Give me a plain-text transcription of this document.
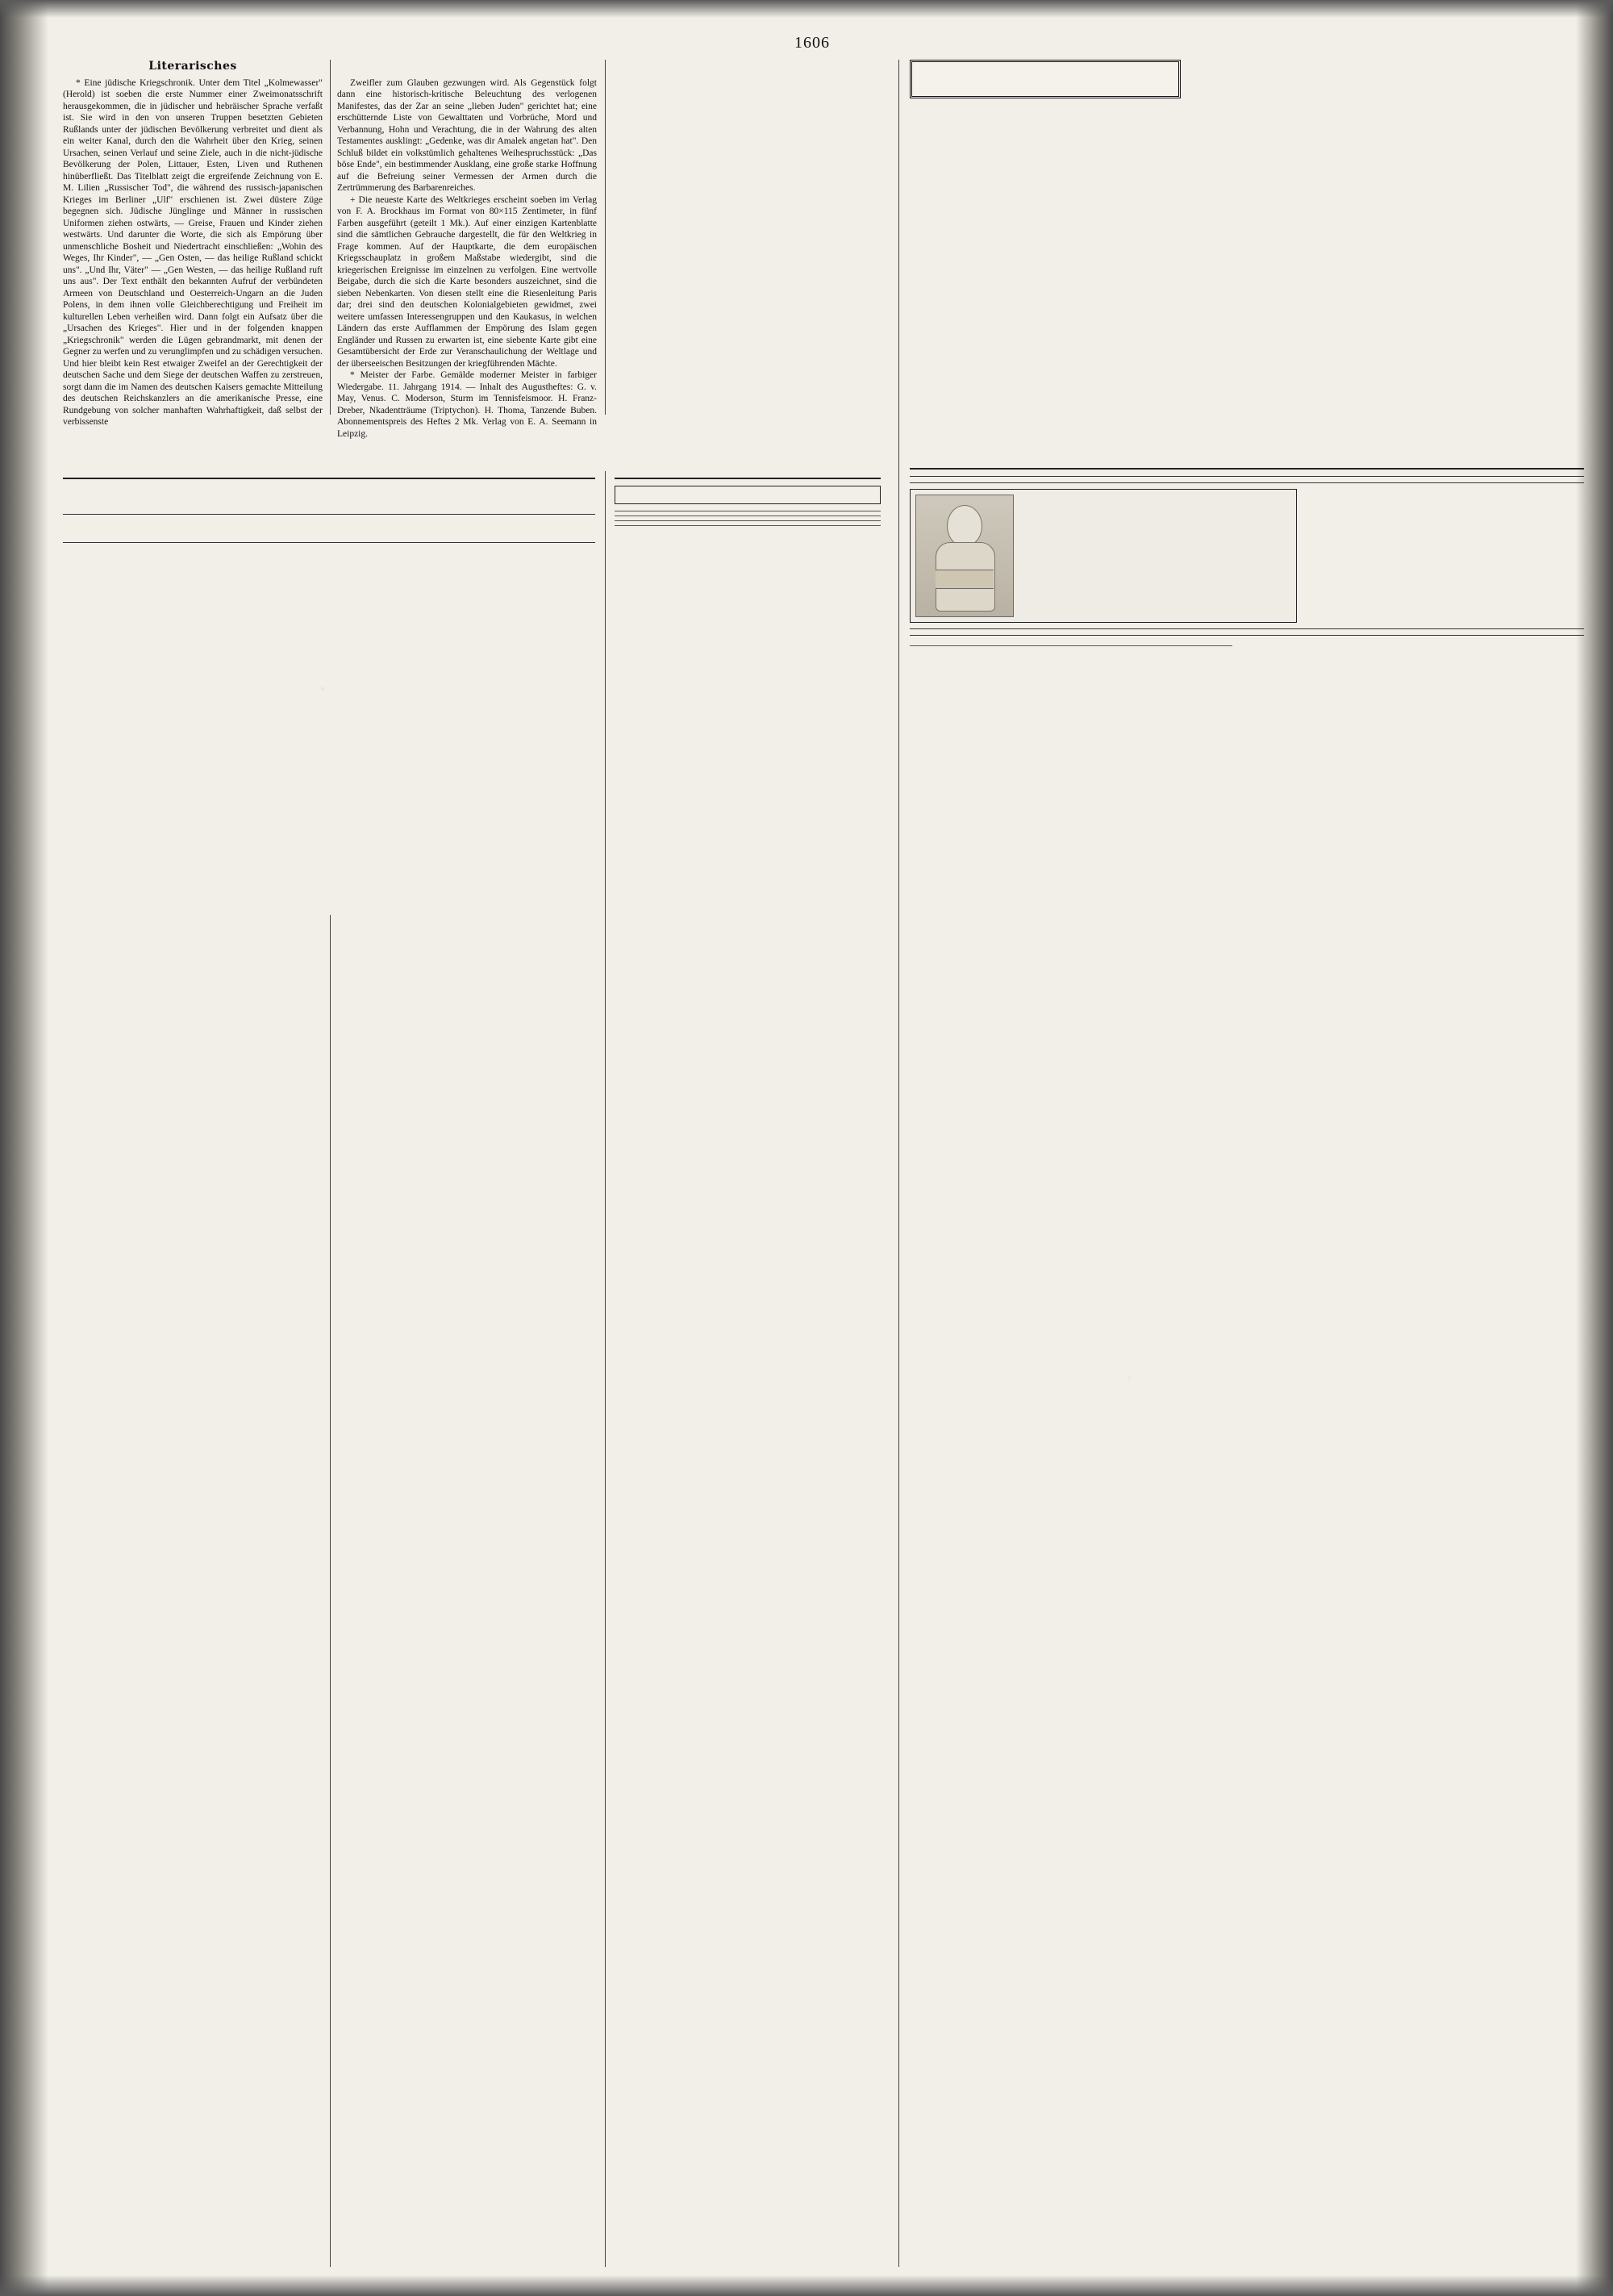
1606
Literarisches
* Eine jüdische Kriegschronik. Unter dem Titel „Kolmewasser" (Herold) ist soeben die erste Nummer einer Zweimonatsschrift herausgekommen, die in jüdischer und hebräischer Sprache verfaßt ist. Sie wird in den von unseren Truppen besetzten Gebieten Rußlands unter der jüdischen Bevölkerung verbreitet und dient als ein weiter Kanal, durch den die Wahrheit über den Krieg, seinen Ursachen, seinen Verlauf und seine Ziele, auch in die nicht-jüdische Bevölkerung der Polen, Littauer, Esten, Liven und Ruthenen hinüberfließt. Das Titelblatt zeigt die ergreifende Zeichnung von E. M. Lilien „Russischer Tod", die während des russisch-japanischen Krieges im Berliner „Ulf" erschienen ist. Zwei düstere Züge begegnen sich. Jüdische Jünglinge und Männer in russischen Uniformen ziehen ostwärts, — Greise, Frauen und Kinder ziehen westwärts. Und darunter die Worte, die sich als Empörung über unmenschliche Bosheit und Niedertracht einschließen: „Wohin des Weges, Ihr Kinder", — „Gen Osten, — das heilige Rußland schickt uns". „Und Ihr, Väter" — „Gen Westen, — das heilige Rußland ruft uns aus". Der Text enthält den bekannten Aufruf der verbündeten Armeen von Deutschland und Oesterreich-Ungarn an die Juden Polens, in dem ihnen volle Gleichberechtigung und Freiheit im kulturellen Leben verheißen wird. Dann folgt ein Aufsatz über die „Ursachen des Krieges". Hier und in der folgenden knappen „Kriegschronik" werden die Lügen gebrandmarkt, mit denen der Gegner zu werfen und zu verunglimpfen und zu schädigen versuchen. Und hier bleibt kein Rest etwaiger Zweifel an der Gerechtigkeit der deutschen Sache und dem Siege der deutschen Waffen zu zerstreuen, sorgt dann die im Namen des deutschen Kaisers gemachte Mitteilung des deutschen Reichskanzlers an die amerikanische Presse, eine Rundgebung von solcher manhaften Wahrhaftigkeit, daß selbst der verbissenste
Zweifler zum Glauben gezwungen wird. Als Gegenstück folgt dann eine historisch-kritische Beleuchtung des verlogenen Manifestes, das der Zar an seine „lieben Juden" gerichtet hat; eine erschütternde Liste von Gewalttaten und Vorbrüche, Mord und Verbannung, Hohn und Verachtung, die in der Wahrung des alten Testamentes ausklingt: „Gedenke, was dir Amalek angetan hat". Den Schluß bildet ein volkstümlich gehaltenes Weihespruchsstück: „Das böse Ende", ein bestimmender Ausklang, eine große starke Hoffnung auf die Befreiung seiner Vermessen der Armen durch die Zertrümmerung des Barbarenreiches.
+ Die neueste Karte des Weltkrieges erscheint soeben im Verlag von F. A. Brockhaus im Format von 80×115 Zentimeter, in fünf Farben ausgeführt (geteilt 1 Mk.). Auf einer einzigen Kartenblatte sind die sämtlichen Gebrauche dargestellt, die für den Weltkrieg in Frage kommen. Auf der Hauptkarte, die dem europäischen Kriegsschauplatz in großem Maßstabe wiedergibt, sind die kriegerischen Ereignisse im einzelnen zu verfolgen. Eine wertvolle Beigabe, durch die sich die Karte besonders auszeichnet, sind die sieben Nebenkarten. Von diesen stellt eine die Riesenleitung Paris dar; drei sind den deutschen Kolonialgebieten gewidmet, zwei weitere umfassen Interessengruppen und den Kaukasus, in welchen Ländern das erste Aufflammen der Empörung des Islam gegen Engländer und Russen zu erwarten ist, eine siebente Karte gibt eine Gesamtübersicht der Erde zur Veranschaulichung der Weltlage und der überseeischen Besitzungen der kriegführenden Mächte.
* Meister der Farbe. Gemälde moderner Meister in farbiger Wiedergabe. 11. Jahrgang 1914. — Inhalt des Augustheftes: G. v. May, Venus. C. Moderson, Sturm im Tennisfeismoor. H. Franz-Dreber, Nkadentträume (Triptychon). H. Thoma, Tanzende Buben. Abonnementspreis des Heftes 2 Mk. Verlag von E. A. Seemann in Leipzig.
